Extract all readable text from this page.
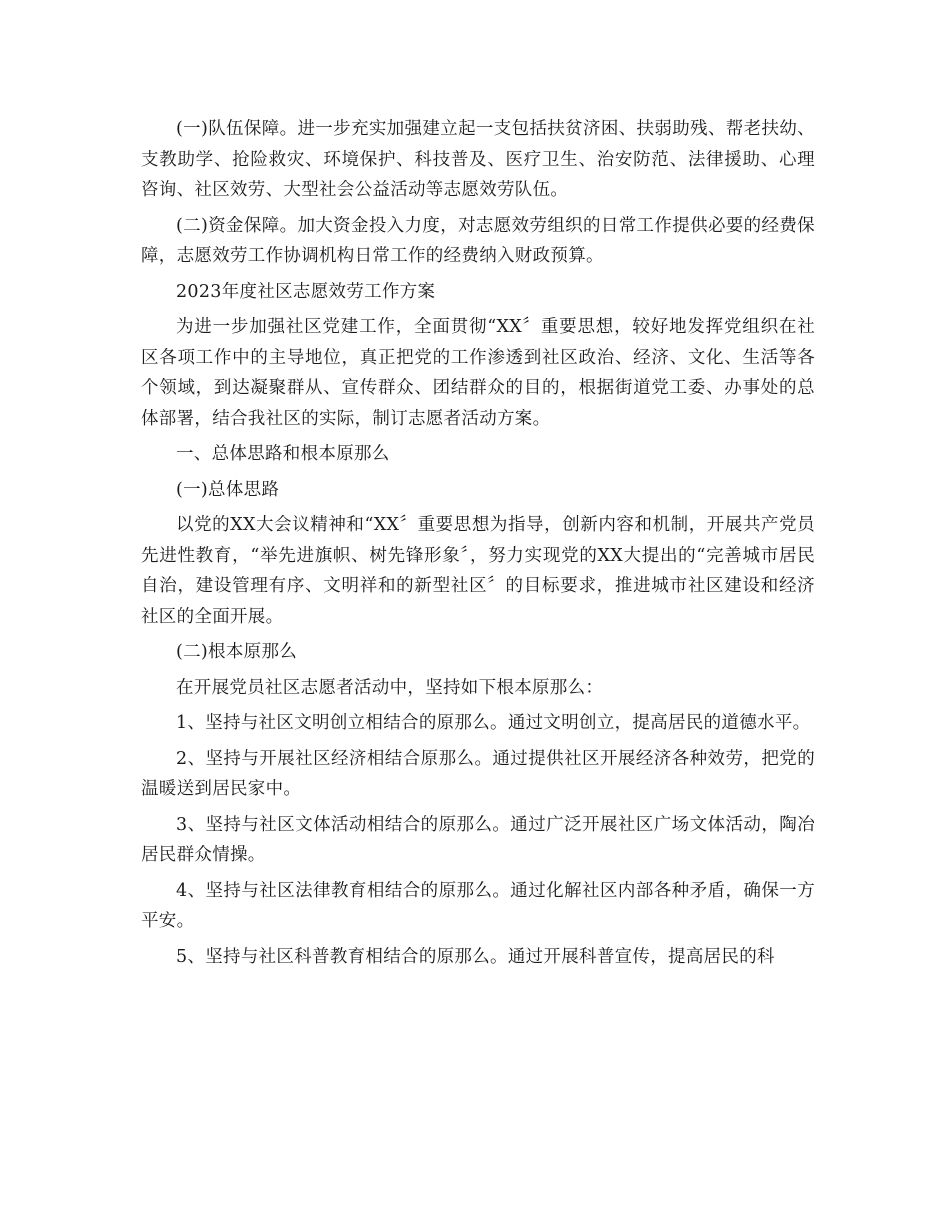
(一)队伍保障。进一步充实加强建立起一支包括扶贫济困、扶弱助残、帮老扶幼、支教助学、抢险救灾、环境保护、科技普及、医疗卫生、治安防范、法律援助、心理咨询、社区效劳、大型社会公益活动等志愿效劳队伍。

(二)资金保障。加大资金投入力度，对志愿效劳组织的日常工作提供必要的经费保障，志愿效劳工作协调机构日常工作的经费纳入财政预算。

2023年度社区志愿效劳工作方案

为进一步加强社区党建工作，全面贯彻“XX〞重要思想，较好地发挥党组织在社区各项工作中的主导地位，真正把党的工作渗透到社区政治、经济、文化、生活等各个领域，到达凝聚群从、宣传群众、团结群众的目的，根据街道党工委、办事处的总体部署，结合我社区的实际，制订志愿者活动方案。

一、总体思路和根本原那么

(一)总体思路

以党的XX大会议精神和“XX〞重要思想为指导，创新内容和机制，开展共产党员先进性教育，“举先进旗帜、树先锋形象〞，努力实现党的XX大提出的“完善城市居民自治，建设管理有序、文明祥和的新型社区〞的目标要求，推进城市社区建设和经济社区的全面开展。

(二)根本原那么

在开展党员社区志愿者活动中，坚持如下根本原那么：

1、坚持与社区文明创立相结合的原那么。通过文明创立，提高居民的道德水平。

2、坚持与开展社区经济相结合原那么。通过提供社区开展经济各种效劳，把党的温暖送到居民家中。

3、坚持与社区文体活动相结合的原那么。通过广泛开展社区广场文体活动，陶冶居民群众情操。

4、坚持与社区法律教育相结合的原那么。通过化解社区内部各种矛盾，确保一方平安。

5、坚持与社区科普教育相结合的原那么。通过开展科普宣传，提高居民的科
